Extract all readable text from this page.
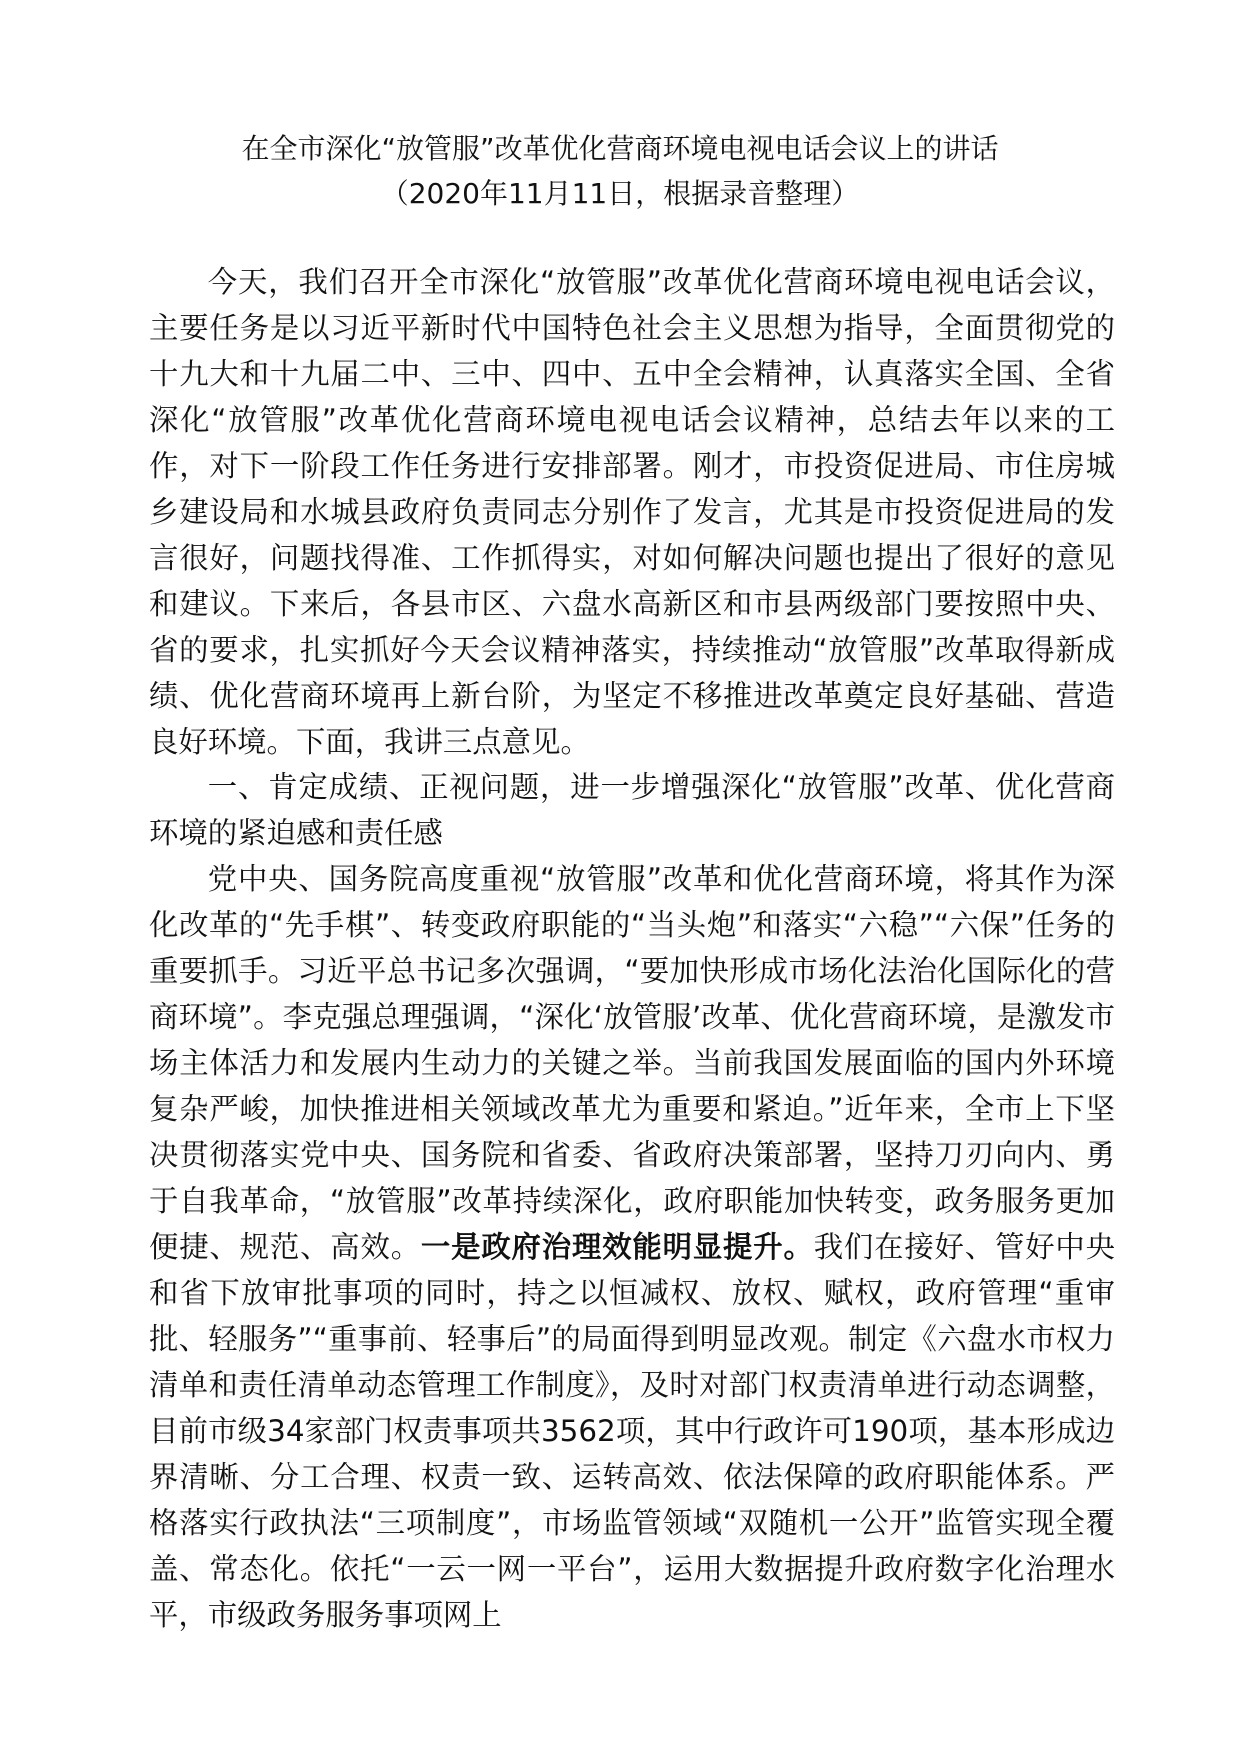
在全市深化“放管服”改革优化营商环境电视电话会议上的讲话
（2020年11月11日，根据录音整理）

今天，我们召开全市深化“放管服”改革优化营商环境电视电话会议，主要任务是以习近平新时代中国特色社会主义思想为指导，全面贯彻党的十九大和十九届二中、三中、四中、五中全会精神，认真落实全国、全省深化“放管服”改革优化营商环境电视电话会议精神，总结去年以来的工作，对下一阶段工作任务进行安排部署。刚才，市投资促进局、市住房城乡建设局和水城县政府负责同志分别作了发言，尤其是市投资促进局的发言很好，问题找得准、工作抓得实，对如何解决问题也提出了很好的意见和建议。下来后，各县市区、六盘水高新区和市县两级部门要按照中央、省的要求，扎实抓好今天会议精神落实，持续推动“放管服”改革取得新成绩、优化营商环境再上新台阶，为坚定不移推进改革奠定良好基础、营造良好环境。下面，我讲三点意见。

一、肯定成绩、正视问题，进一步增强深化“放管服”改革、优化营商环境的紧迫感和责任感

党中央、国务院高度重视“放管服”改革和优化营商环境，将其作为深化改革的“先手棋”、转变政府职能的“当头炮”和落实“六稳”“六保”任务的重要抓手。习近平总书记多次强调，“要加快形成市场化法治化国际化的营商环境”。李克强总理强调，“深化‘放管服’改革、优化营商环境，是激发市场主体活力和发展内生动力的关键之举。当前我国发展面临的国内外环境复杂严峻，加快推进相关领域改革尤为重要和紧迫。”近年来，全市上下坚决贯彻落实党中央、国务院和省委、省政府决策部署，坚持刀刃向内、勇于自我革命，“放管服”改革持续深化，政府职能加快转变，政务服务更加便捷、规范、高效。一是政府治理效能明显提升。我们在接好、管好中央和省下放审批事项的同时，持之以恒减权、放权、赋权，政府管理“重审批、轻服务”“重事前、轻事后”的局面得到明显改观。制定《六盘水市权力清单和责任清单动态管理工作制度》，及时对部门权责清单进行动态调整，目前市级34家部门权责事项共3562项，其中行政许可190项，基本形成边界清晰、分工合理、权责一致、运转高效、依法保障的政府职能体系。严格落实行政执法“三项制度”，市场监管领域“双随机一公开”监管实现全覆盖、常态化。依托“一云一网一平台”，运用大数据提升政府数字化治理水平，市级政务服务事项网上
